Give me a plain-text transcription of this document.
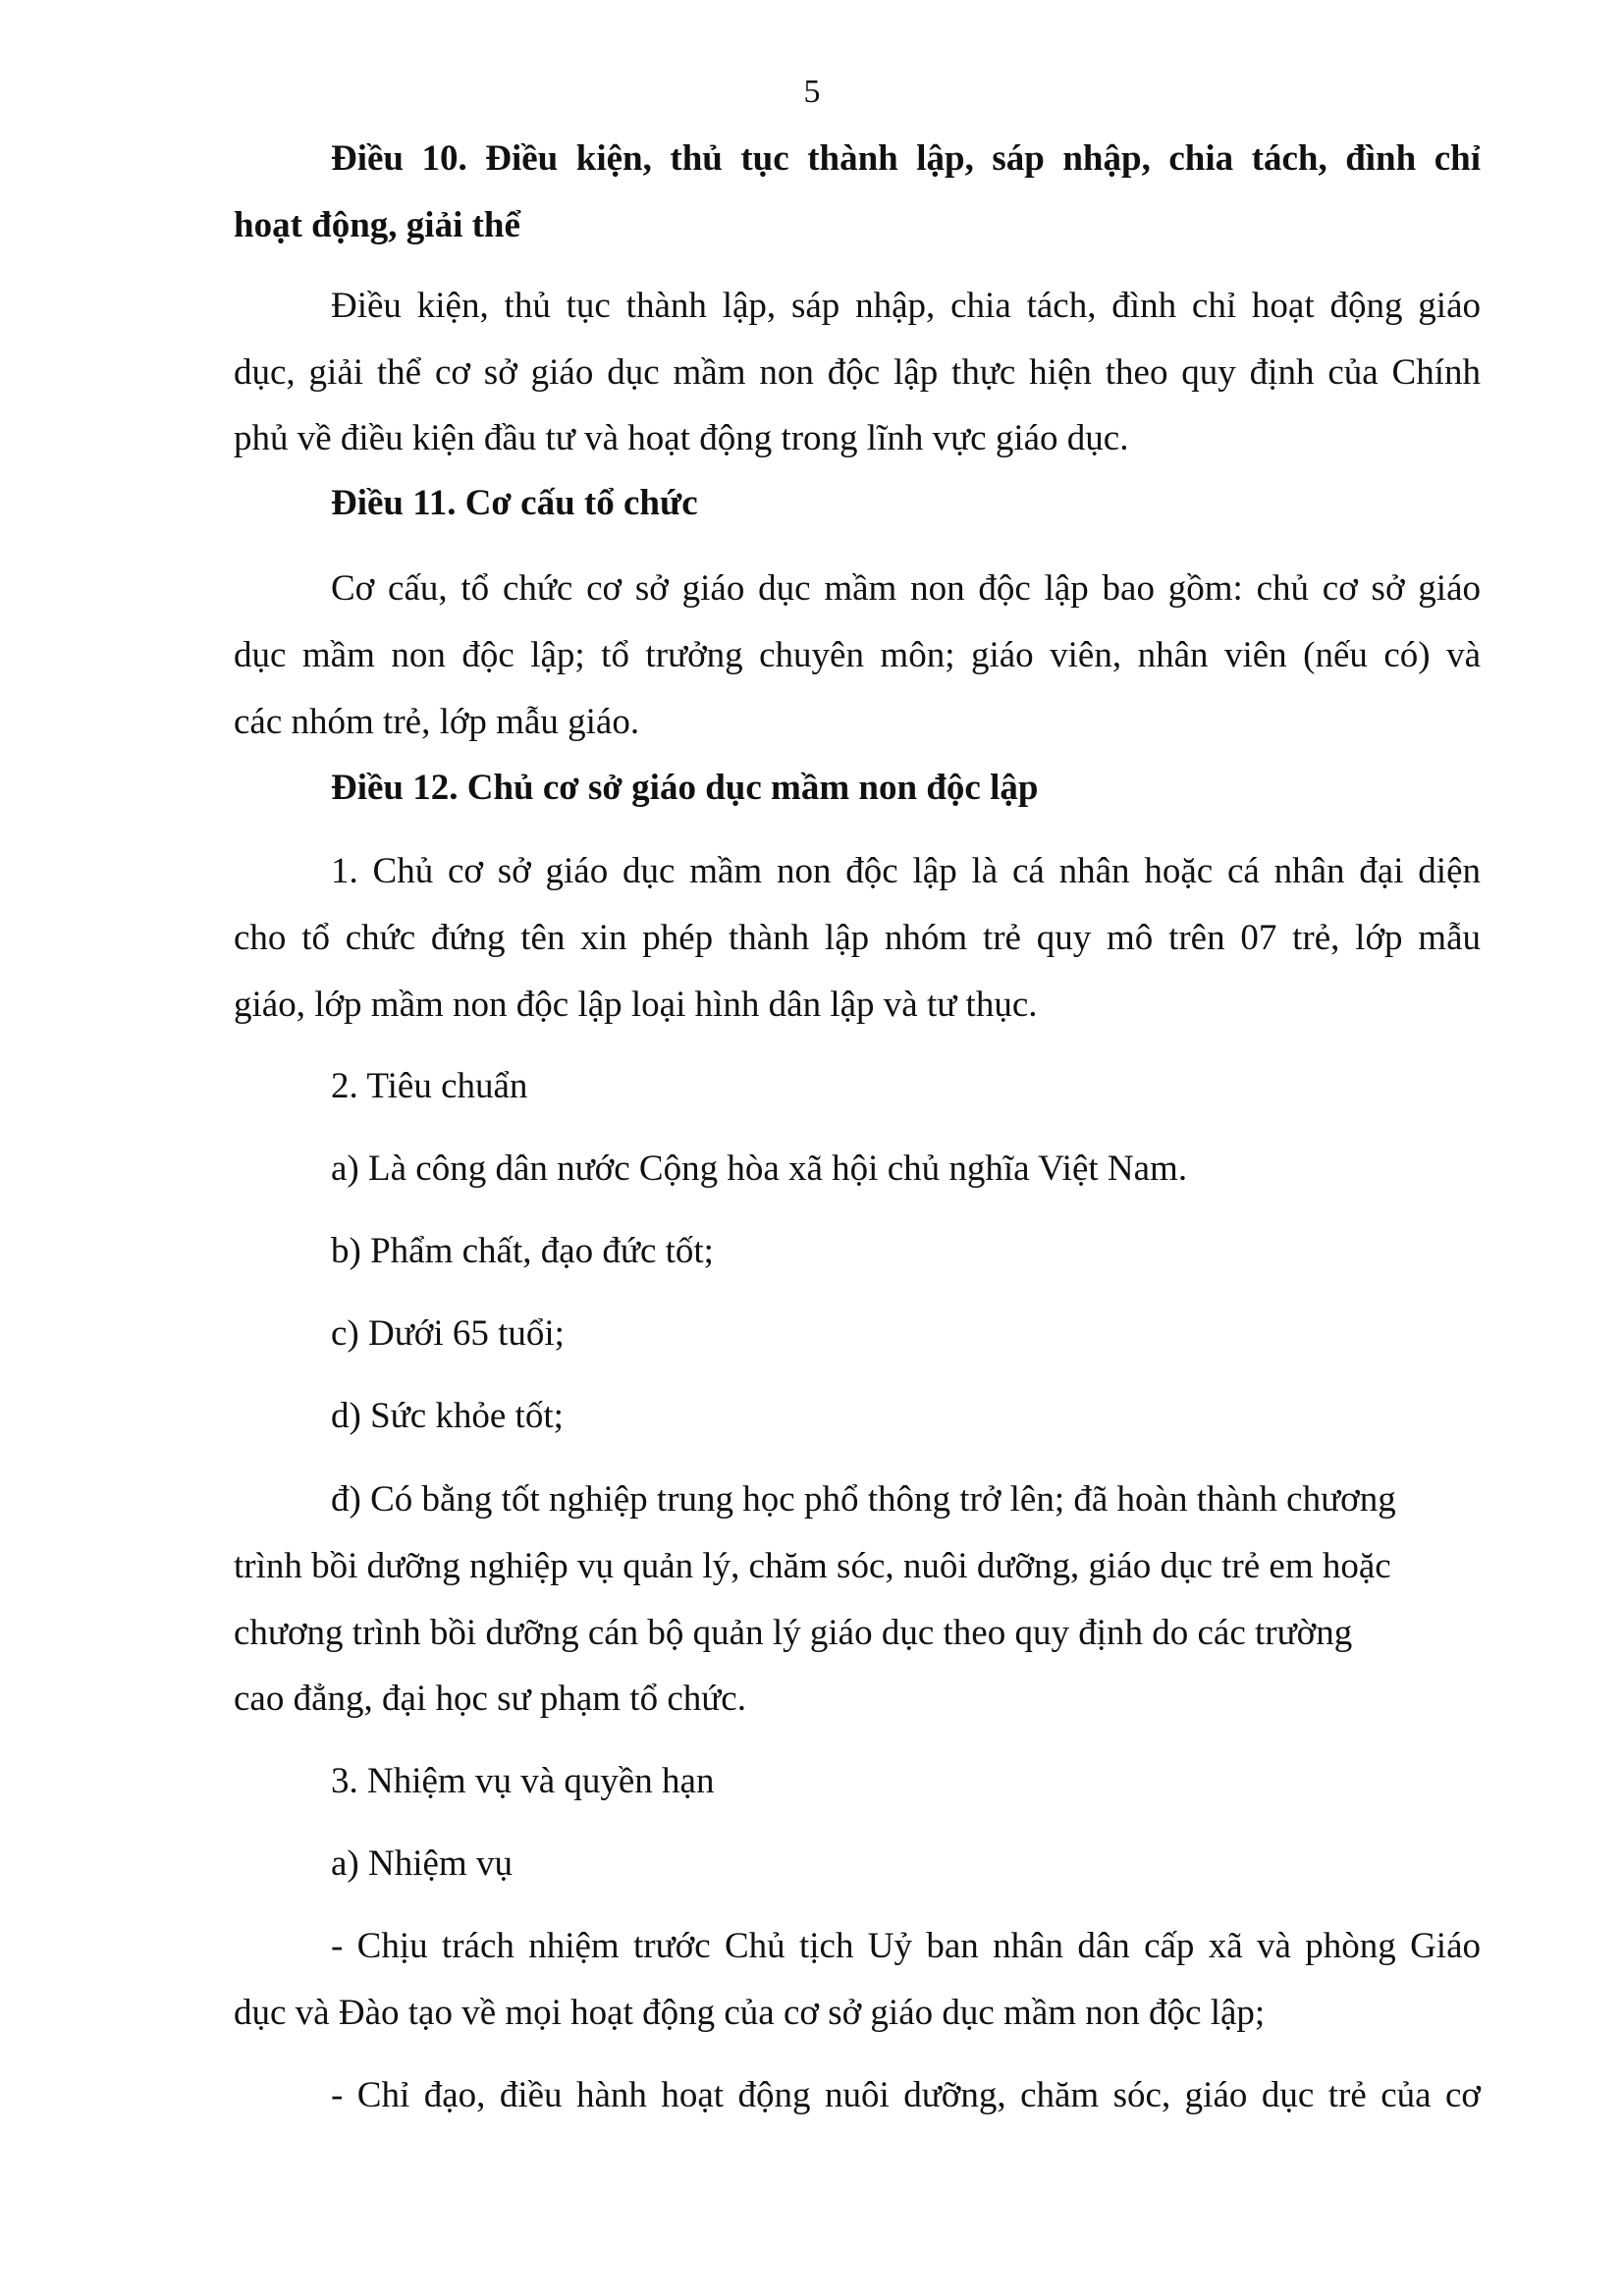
5
Điều 10. Điều kiện, thủ tục thành lập, sáp nhập, chia tách, đình chỉ
hoạt động, giải thể
Điều kiện, thủ tục thành lập, sáp nhập, chia tách, đình chỉ hoạt động giáo
dục, giải thể cơ sở giáo dục mầm non độc lập thực hiện theo quy định của Chính
phủ về điều kiện đầu tư và hoạt động trong lĩnh vực giáo dục.
Điều 11. Cơ cấu tổ chức
Cơ cấu, tổ chức cơ sở giáo dục mầm non độc lập bao gồm: chủ cơ sở giáo
dục mầm non độc lập; tổ trưởng chuyên môn; giáo viên, nhân viên (nếu có) và
các nhóm trẻ, lớp mẫu giáo.
Điều 12. Chủ cơ sở giáo dục mầm non độc lập
1. Chủ cơ sở giáo dục mầm non độc lập là cá nhân hoặc cá nhân đại diện
cho tổ chức đứng tên xin phép thành lập nhóm trẻ quy mô trên 07 trẻ, lớp mẫu
giáo, lớp mầm non độc lập loại hình dân lập và tư thục.
2. Tiêu chuẩn
a) Là công dân nước Cộng hòa xã hội chủ nghĩa Việt Nam.
b) Phẩm chất, đạo đức tốt;
c) Dưới 65 tuổi;
d) Sức khỏe tốt;
đ) Có bằng tốt nghiệp trung học phổ thông trở lên; đã hoàn thành chương
trình bồi dưỡng nghiệp vụ quản lý, chăm sóc, nuôi dưỡng, giáo dục trẻ em hoặc
chương trình bồi dưỡng cán bộ quản lý giáo dục theo quy định do các trường
cao đẳng, đại học sư phạm tổ chức.
3. Nhiệm vụ và quyền hạn
a) Nhiệm vụ
- Chịu trách nhiệm trước Chủ tịch Uỷ ban nhân dân cấp xã và phòng Giáo
dục và Đào tạo về mọi hoạt động của cơ sở giáo dục mầm non độc lập;
- Chỉ đạo, điều hành hoạt động nuôi dưỡng, chăm sóc, giáo dục trẻ của cơ
